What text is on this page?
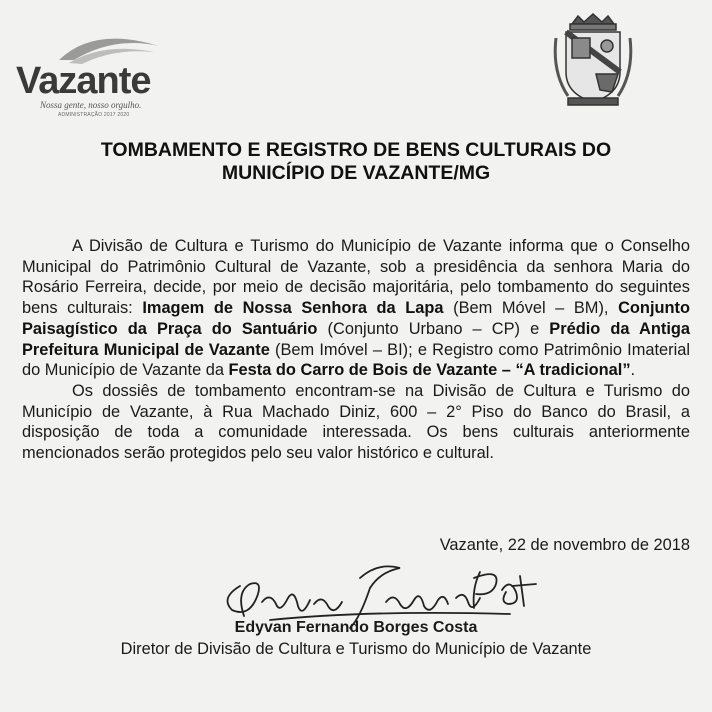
Vazante
Nossa gente, nosso orgulho.
ADMINISTRAÇÃO 2017 2020
TOMBAMENTO E REGISTRO DE BENS CULTURAIS DO
MUNICÍPIO DE VAZANTE/MG

A Divisão de Cultura e Turismo do Município de Vazante informa que o Conselho Municipal do Patrimônio Cultural de Vazante, sob a presidência da senhora Maria do Rosário Ferreira, decide, por meio de decisão majoritária, pelo tombamento do seguintes bens culturais: Imagem de Nossa Senhora da Lapa (Bem Móvel – BM), Conjunto Paisagístico da Praça do Santuário (Conjunto Urbano – CP) e Prédio da Antiga Prefeitura Municipal de Vazante (Bem Imóvel – BI); e Registro como Patrimônio Imaterial do Município de Vazante da Festa do Carro de Bois de Vazante – “A tradicional”.

Os dossiês de tombamento encontram-se na Divisão de Cultura e Turismo do Município de Vazante, à Rua Machado Diniz, 600 – 2° Piso do Banco do Brasil, a disposição de toda a comunidade interessada. Os bens culturais anteriormente mencionados serão protegidos pelo seu valor histórico e cultural.

Vazante, 22 de novembro de 2018
Edyvan Fernando Borges Costa
Diretor de Divisão de Cultura e Turismo do Município de Vazante
